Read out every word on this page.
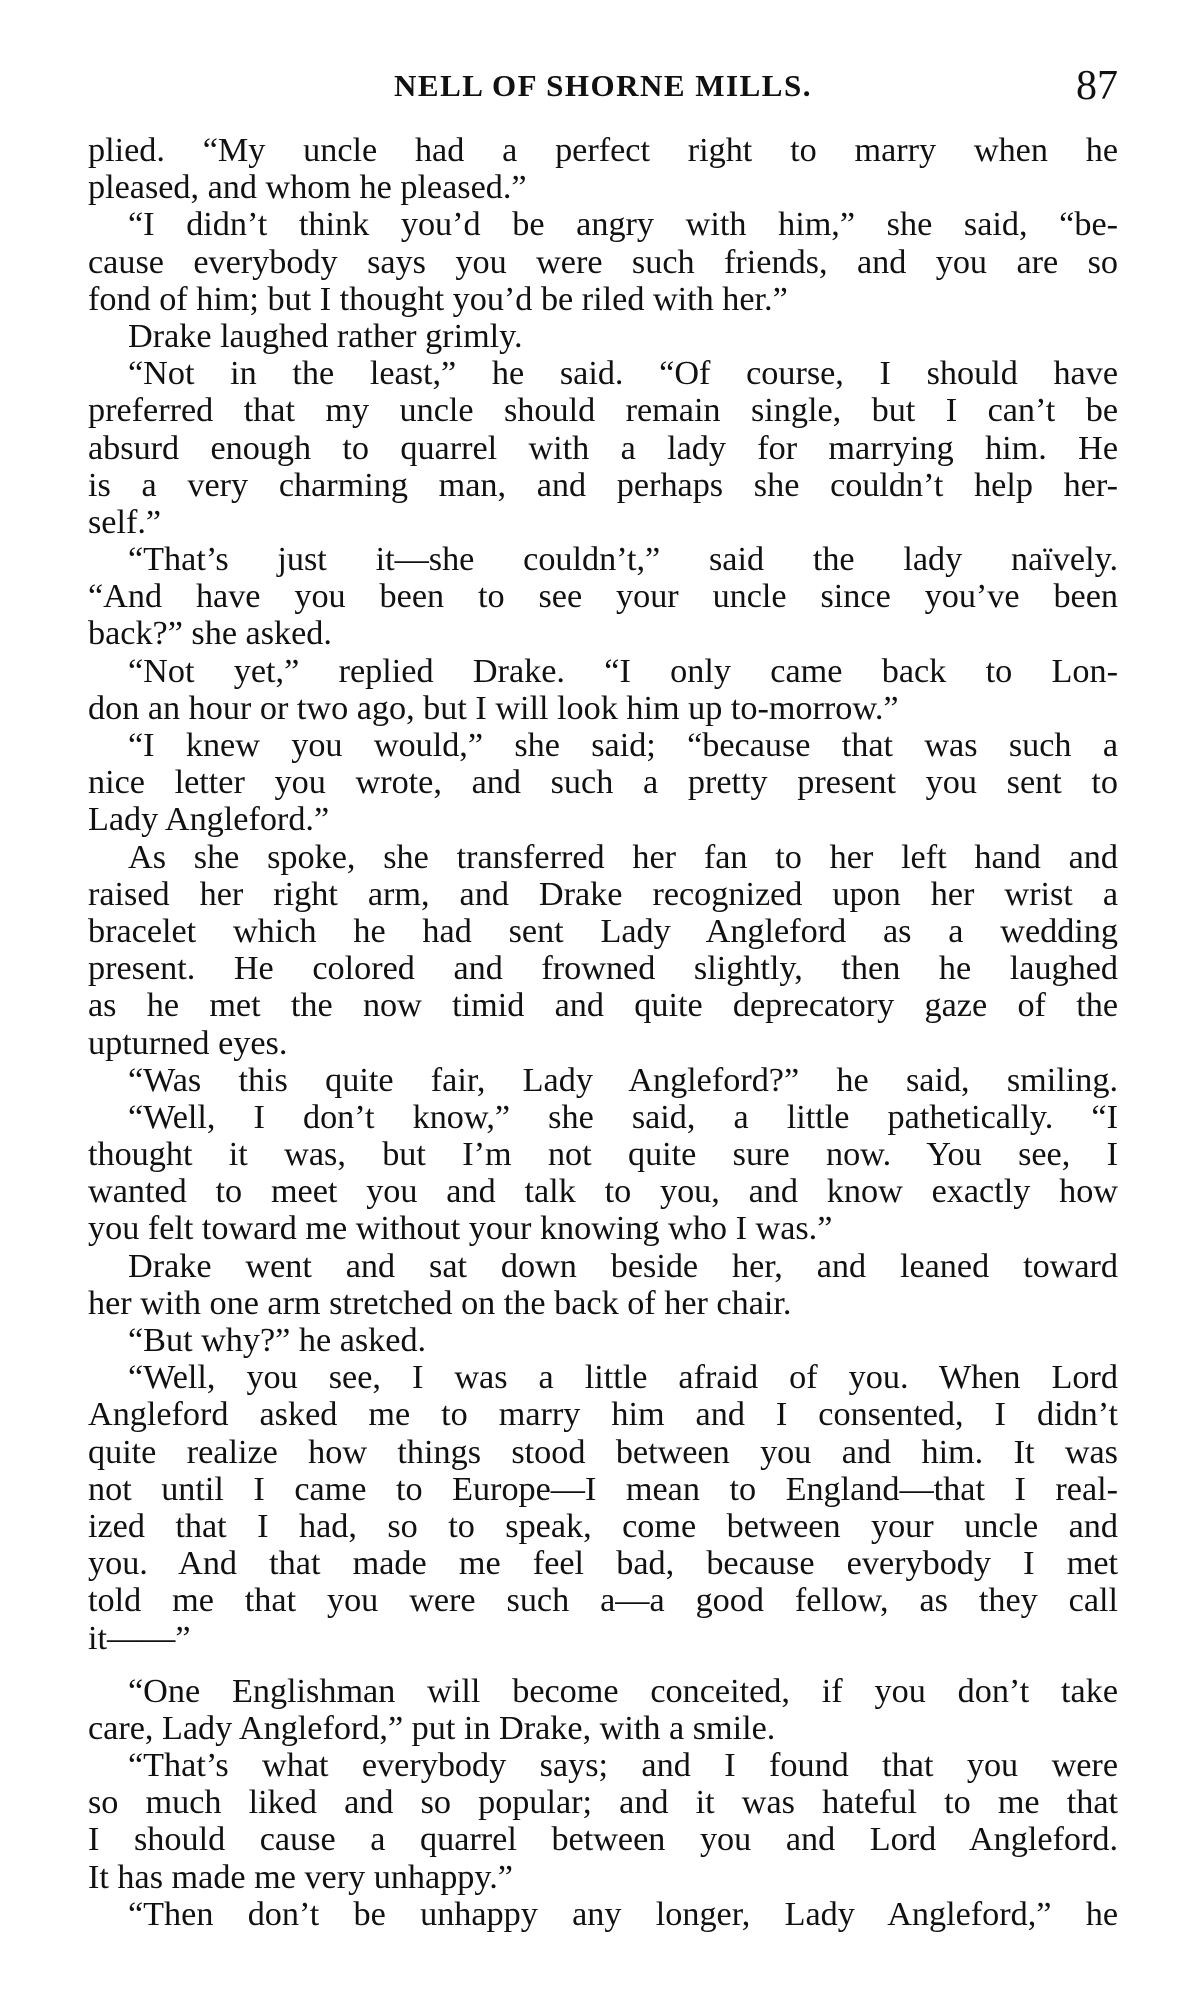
NELL OF SHORNE MILLS.	87
plied. “My uncle had a perfect right to marry when he
pleased, and whom he pleased.”
“I didn’t think you’d be angry with him,” she said, “be-
cause everybody says you were such friends, and you are so
fond of him; but I thought you’d be riled with her.”
Drake laughed rather grimly.
“Not in the least,” he said. “Of course, I should have
preferred that my uncle should remain single, but I can’t be
absurd enough to quarrel with a lady for marrying him. He
is a very charming man, and perhaps she couldn’t help her-
self.”
“That’s just it—she couldn’t,” said the lady naïvely.
“And have you been to see your uncle since you’ve been
back?” she asked.
“Not yet,” replied Drake. “I only came back to Lon-
don an hour or two ago, but I will look him up to-morrow.”
“I knew you would,” she said; “because that was such a
nice letter you wrote, and such a pretty present you sent to
Lady Angleford.”
As she spoke, she transferred her fan to her left hand and
raised her right arm, and Drake recognized upon her wrist a
bracelet which he had sent Lady Angleford as a wedding
present. He colored and frowned slightly, then he laughed
as he met the now timid and quite deprecatory gaze of the
upturned eyes.
“Was this quite fair, Lady Angleford?” he said, smiling.
“Well, I don’t know,” she said, a little pathetically. “I
thought it was, but I’m not quite sure now. You see, I
wanted to meet you and talk to you, and know exactly how
you felt toward me without your knowing who I was.”
Drake went and sat down beside her, and leaned toward
her with one arm stretched on the back of her chair.
“But why?” he asked.
“Well, you see, I was a little afraid of you. When Lord
Angleford asked me to marry him and I consented, I didn’t
quite realize how things stood between you and him. It was
not until I came to Europe—I mean to England—that I real-
ized that I had, so to speak, come between your uncle and
you. And that made me feel bad, because everybody I met
told me that you were such a—a good fellow, as they call
it——”
“One Englishman will become conceited, if you don’t take
care, Lady Angleford,” put in Drake, with a smile.
“That’s what everybody says; and I found that you were
so much liked and so popular; and it was hateful to me that
I should cause a quarrel between you and Lord Angleford.
It has made me very unhappy.”
“Then don’t be unhappy any longer, Lady Angleford,” he
